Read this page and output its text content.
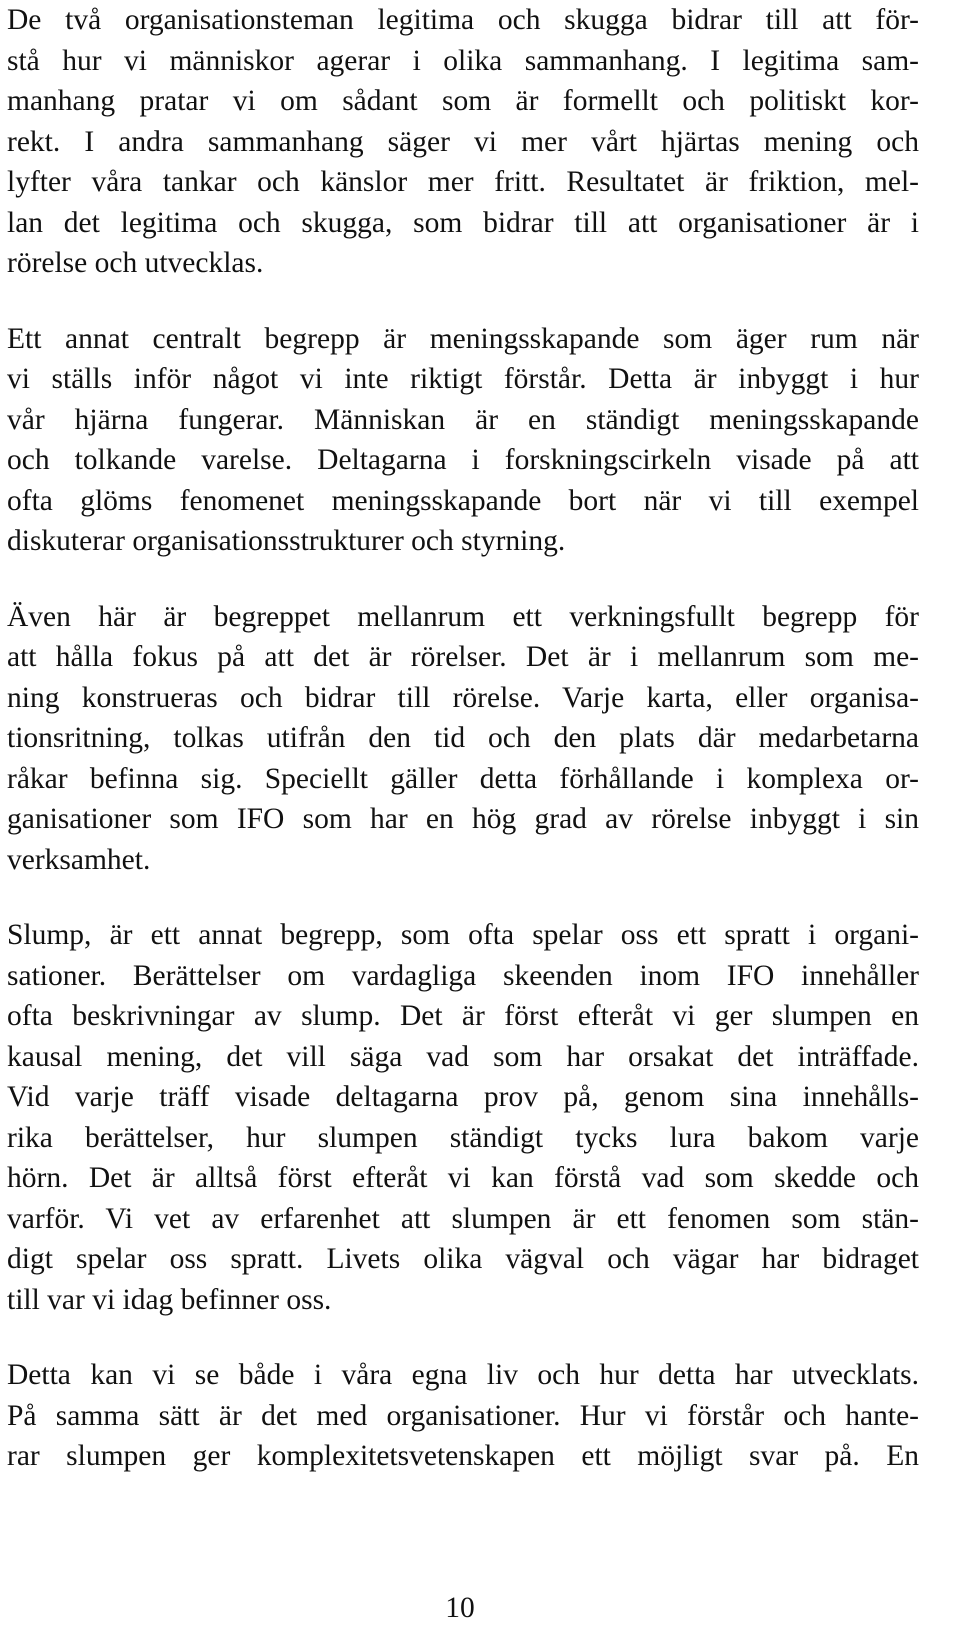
De två organisationsteman legitima och skugga bidrar till att för-
stå hur vi människor agerar i olika sammanhang. I legitima sam-
manhang pratar vi om sådant som är formellt och politiskt kor-
rekt. I andra sammanhang säger vi mer vårt hjärtas mening och
lyfter våra tankar och känslor mer fritt. Resultatet är friktion, mel-
lan det legitima och skugga, som bidrar till att organisationer är i
rörelse och utvecklas.
Ett annat centralt begrepp är meningsskapande som äger rum när
vi ställs inför något vi inte riktigt förstår. Detta är inbyggt i hur
vår hjärna fungerar. Människan är en ständigt meningsskapande
och tolkande varelse. Deltagarna i forskningscirkeln visade på att
ofta glöms fenomenet meningsskapande bort när vi till exempel
diskuterar organisationsstrukturer och styrning.
Även här är begreppet mellanrum ett verkningsfullt begrepp för
att hålla fokus på att det är rörelser. Det är i mellanrum som me-
ning konstrueras och bidrar till rörelse. Varje karta, eller organisa-
tionsritning, tolkas utifrån den tid och den plats där medarbetarna
råkar befinna sig. Speciellt gäller detta förhållande i komplexa or-
ganisationer som IFO som har en hög grad av rörelse inbyggt i sin
verksamhet.
Slump, är ett annat begrepp, som ofta spelar oss ett spratt i organi-
sationer. Berättelser om vardagliga skeenden inom IFO innehåller
ofta beskrivningar av slump. Det är först efteråt vi ger slumpen en
kausal mening, det vill säga vad som har orsakat det inträffade.
Vid varje träff visade deltagarna prov på, genom sina innehålls-
rika berättelser, hur slumpen ständigt tycks lura bakom varje
hörn. Det är alltså först efteråt vi kan förstå vad som skedde och
varför. Vi vet av erfarenhet att slumpen är ett fenomen som stän-
digt spelar oss spratt. Livets olika vägval och vägar har bidraget
till var vi idag befinner oss.
Detta kan vi se både i våra egna liv och hur detta har utvecklats.
På samma sätt är det med organisationer. Hur vi förstår och hante-
rar slumpen ger komplexitetsvetenskapen ett möjligt svar på. En
10
